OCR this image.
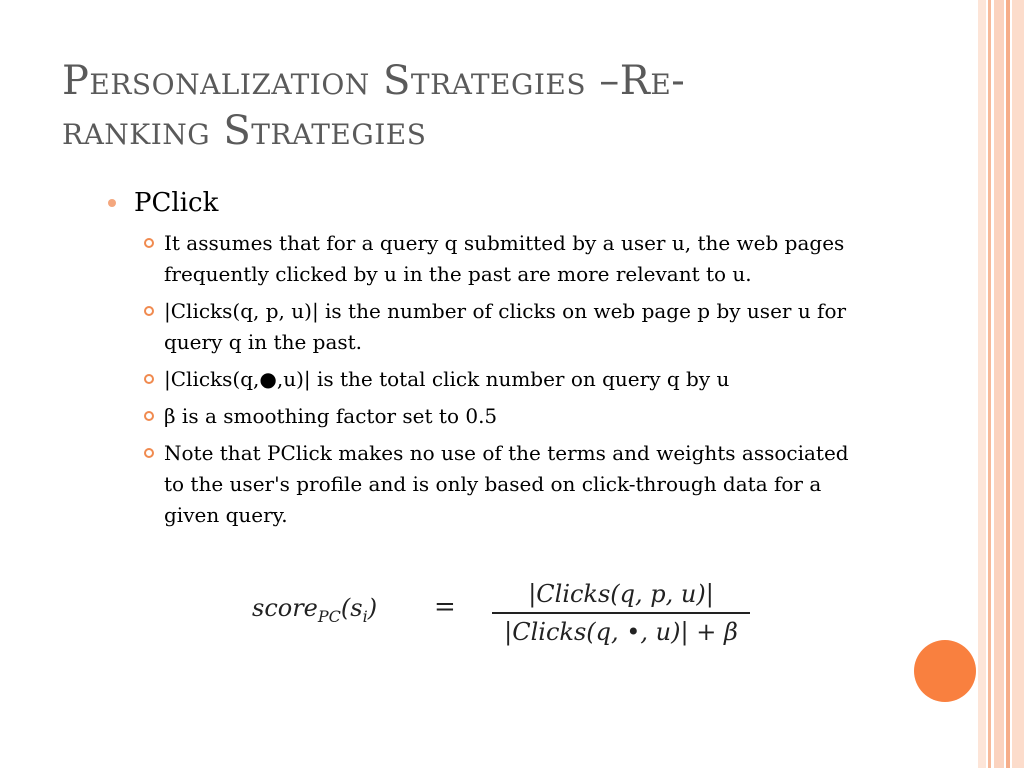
Personalization Strategies –Re-
ranking Strategies
PClick
It assumes that for a query q submitted by a user u, the web pages frequently clicked by u in the past are more relevant to u.
|Clicks(q, p, u)| is the number of clicks on web page p by user u for query q in the past.
|Clicks(q,●,u)| is the total click number on query q by u
β is a smoothing factor set to 0.5
Note that PClick makes no use of the terms and weights associated to the user's profile and is only based on click-through data for a given query.
$score_{PC}(s_i)$ =	|Clicks(q, p, u)|
|Clicks(q, •, u)| + β
